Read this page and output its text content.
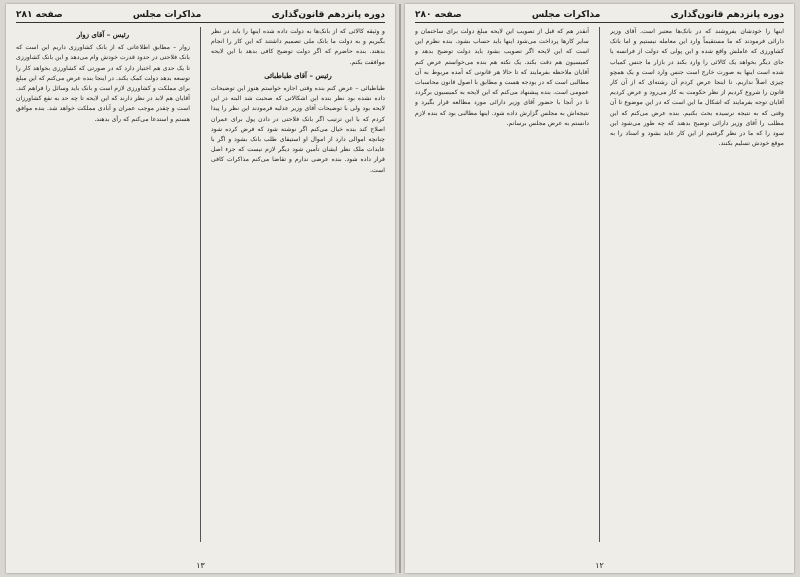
دوره پانزدهم قانون‌گذاری
مذاکرات مجلس
صفحه ۲۸۰

اینها را خودشان بفروشند که در بانک‌ها معتبر است. آقای وزیر دارائی فرمودند که ما مستقیماً وارد این معامله نیستیم و اما بانک کشاورزی که عاملش واقع شده و این پولی که دولت از فرانسه یا جای دیگر بخواهد یک کالائی را وارد بکند در بازار ما جنس کمیاب شده است اینها به صورت خارج است جنس وارد است و یک همچو چیزی اصلاً نداریم. تا اینجا عرض کردم آن رشته‌ای که از آن کار قانون را شروع کردیم از نظر حکومت به کار می‌رود و عرض کردیم آقایان توجه بفرمایند که اشکال ما این است که در این موضوع تا آن وقتی که به نتیجه نرسیده بحث بکنیم. بنده عرض می‌کنم که این مطلب را آقای وزیر دارائی توضیح بدهند که چه طور می‌شود این سود را که ما در نظر گرفتیم از این کار عاید بشود و اسناد را به موقع خودش تسلیم بکنند.

آنقدر هم که قبل از تصویب این لایحه مبلغ دولت برای ساختمان و سایر کارها پرداخت می‌شود اینها باید حساب بشود. بنده نظرم این است که این لایحه اگر تصویب بشود باید دولت توضیح بدهد و کمیسیون هم دقت بکند. یک نکته هم بنده می‌خواستم عرض کنم آقایان ملاحظه بفرمایند که تا حالا هر قانونی که آمده مربوط به آن مطالبی است که در بودجه هست و مطابق با اصول قانون محاسبات عمومی است. بنده پیشنهاد می‌کنم که این لایحه به کمیسیون برگردد تا در آنجا با حضور آقای وزیر دارائی مورد مطالعه قرار بگیرد و نتیجه‌اش به مجلس گزارش داده شود. اینها مطالبی بود که بنده لازم دانستم به عرض مجلس برسانم.

۱۲
دوره پانزدهم قانون‌گذاری
مذاکرات مجلس
صفحه ۲۸۱

و وثیقه کالائی که از بانک‌ها به دولت داده شده اینها را باید در نظر بگیریم و به دولت ما بانک ملی تصمیم داشتند که این کار را انجام بدهند. بنده حاضرم که اگر دولت توضیح کافی بدهد با این لایحه موافقت بکنم.

رئیس – آقای طباطبائی

طباطبائی – عرض کنم بنده وقتی اجازه خواستم هنوز این توضیحات داده نشده بود نظر بنده این اشکالاتی که صحبت شد البته در این لایحه بود ولی با توضیحات آقای وزیر عدلیه فرمودند این نظر را پیدا کردم که با این ترتیب اگر بانک فلاحتی در دادن پول برای عمران اصلاح کند بنده خیال می‌کنم اگر نوشته شود که فرض کرده شود چنانچه اموالی دارد از اموال او استیفای طلب بانک بشود و اگر با عایدات ملک نظر ایشان تأمین شود دیگر لازم نیست که جزء اصل قرار داده شود. بنده عرضی ندارم و تقاضا می‌کنم مذاکرات کافی است.

رئیس – آقای زوار

زوار – مطابق اطلاعاتی که از بانک کشاورزی داریم این است که بانک فلاحتی در حدود قدرت خودش وام می‌دهد و این بانک کشاورزی تا یک حدی هم اختیار دارد که در صورتی که کشاورزی بخواهد کار را توسعه بدهد دولت کمک بکند. در اینجا بنده عرض می‌کنم که این مبلغ برای مملکت و کشاورزی لازم است و بانک باید وسائل را فراهم کند. آقایان هم لابد در نظر دارند که این لایحه تا چه حد به نفع کشاورزان است و چقدر موجب عمران و آبادی مملکت خواهد شد. بنده موافق هستم و استدعا می‌کنم که رأی بدهند.

۱۳
